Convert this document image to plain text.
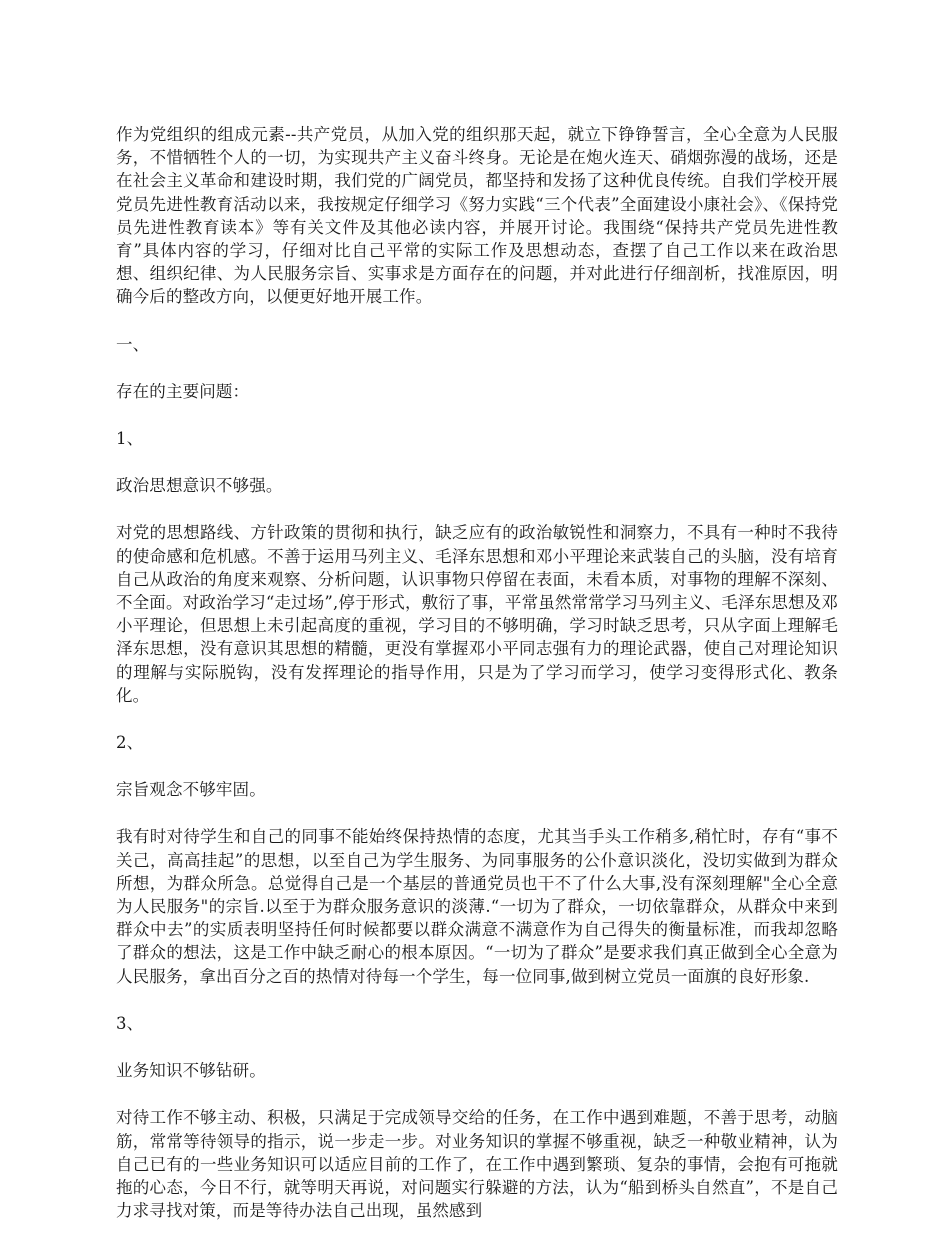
作为党组织的组成元素--共产党员，从加入党的组织那天起，就立下铮铮誓言，全心全意为人民服务，不惜牺牲个人的一切，为实现共产主义奋斗终身。无论是在炮火连天、硝烟弥漫的战场，还是在社会主义革命和建设时期，我们党的广阔党员，都坚持和发扬了这种优良传统。自我们学校开展党员先进性教育活动以来，我按规定仔细学习《努力实践“三个代表”全面建设小康社会》、《保持党员先进性教育读本》等有关文件及其他必读内容，并展开讨论。我围绕“保持共产党员先进性教育”具体内容的学习，仔细对比自己平常的实际工作及思想动态，查摆了自己工作以来在政治思想、组织纪律、为人民服务宗旨、实事求是方面存在的问题，并对此进行仔细剖析，找准原因，明确今后的整改方向，以便更好地开展工作。

一、

存在的主要问题：

1、

政治思想意识不够强。

对党的思想路线、方针政策的贯彻和执行，缺乏应有的政治敏锐性和洞察力，不具有一种时不我待的使命感和危机感。不善于运用马列主义、毛泽东思想和邓小平理论来武装自己的头脑，没有培育自己从政治的角度来观察、分析问题，认识事物只停留在表面，未看本质，对事物的理解不深刻、不全面。对政治学习“走过场”,停于形式，敷衍了事，平常虽然常常学习马列主义、毛泽东思想及邓小平理论，但思想上未引起高度的重视，学习目的不够明确，学习时缺乏思考，只从字面上理解毛泽东思想，没有意识其思想的精髓，更没有掌握邓小平同志强有力的理论武器，使自己对理论知识的理解与实际脱钩，没有发挥理论的指导作用，只是为了学习而学习，使学习变得形式化、教条化。

2、

宗旨观念不够牢固。

我有时对待学生和自己的同事不能始终保持热情的态度，尤其当手头工作稍多,稍忙时，存有“事不关己，高高挂起”的思想，以至自己为学生服务、为同事服务的公仆意识淡化，没切实做到为群众所想，为群众所急。总觉得自己是一个基层的普通党员也干不了什么大事,没有深刻理解"全心全意为人民服务"的宗旨.以至于为群众服务意识的淡薄.“一切为了群众，一切依靠群众，从群众中来到群众中去”的实质表明坚持任何时候都要以群众满意不满意作为自己得失的衡量标准，而我却忽略了群众的想法，这是工作中缺乏耐心的根本原因。“一切为了群众”是要求我们真正做到全心全意为人民服务，拿出百分之百的热情对待每一个学生，每一位同事,做到树立党员一面旗的良好形象.

3、

业务知识不够钻研。

对待工作不够主动、积极，只满足于完成领导交给的任务，在工作中遇到难题，不善于思考，动脑筋，常常等待领导的指示，说一步走一步。对业务知识的掌握不够重视，缺乏一种敬业精神，认为自己已有的一些业务知识可以适应目前的工作了，在工作中遇到繁琐、复杂的事情，会抱有可拖就拖的心态，今日不行，就等明天再说，对问题实行躲避的方法，认为“船到桥头自然直”，不是自己力求寻找对策，而是等待办法自己出现，虽然感到
